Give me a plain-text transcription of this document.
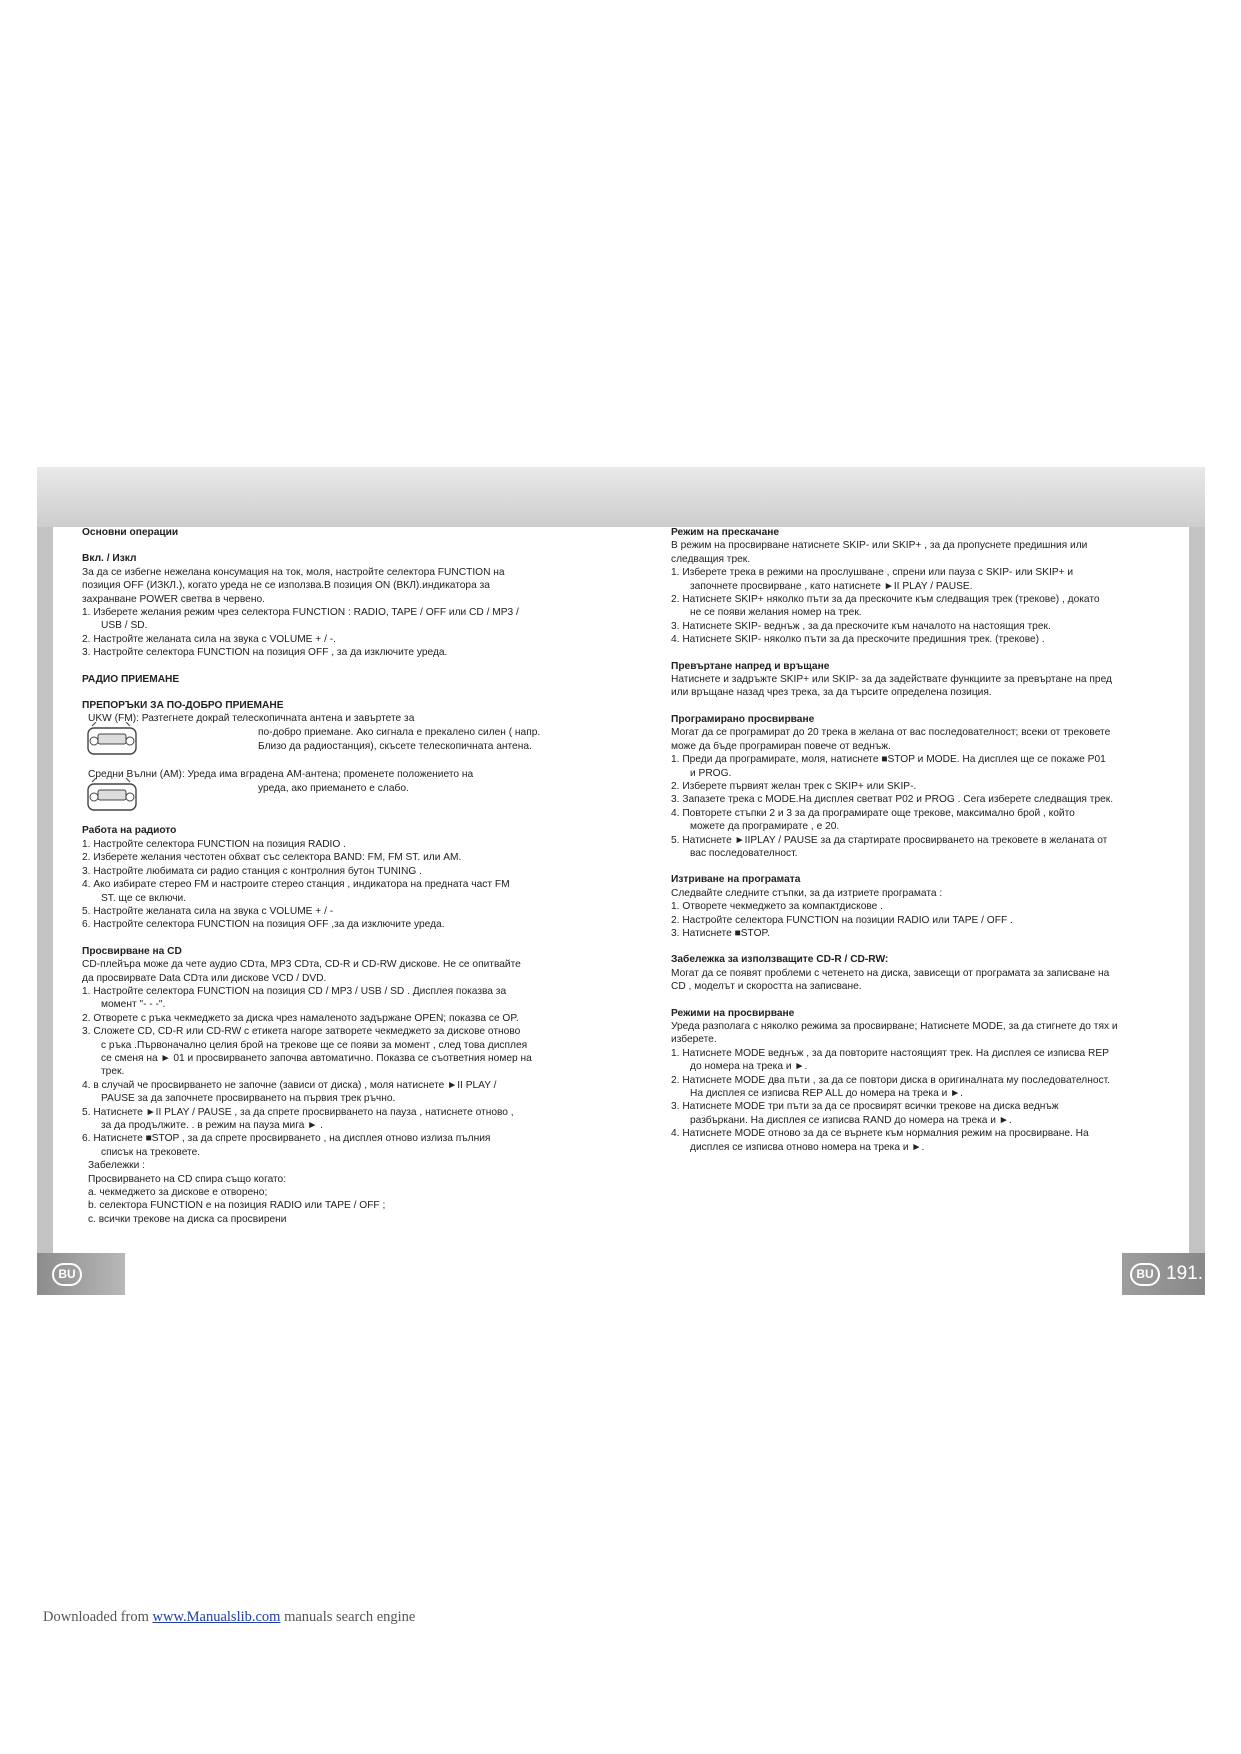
Основни операции
Вкл. / Изкл
За да се избегне нежелана консумация на ток, моля, настройте селектора FUNCTION на
позиция OFF (ИЗКЛ.), когато уреда не се използва.В позиция ON (ВКЛ).индикатора за
захранване POWER светва в червено.
1. Изберете желания режим чрез селектора FUNCTION : RADIO, TAPE / OFF или CD / MP3 /
USB / SD.
2. Настройте желаната сила на звука с VOLUME + / -.
3. Настройте селектора FUNCTION на позиция OFF , за да изключите уреда.
РАДИО ПРИЕМАНЕ
ПРЕПОРЪКИ ЗА ПО-ДОБРО ПРИЕМАНЕ
UKW (FM): Разтегнете докрай телескопичната антена и завъртете за
по-добро приемане. Ако сигнала е прекалено силен ( напр.
Близо да радиостанция), скъсете телескопичната антена.
Средни Вълни (АМ): Уреда има вградена АМ-антена; променете положението на
уреда, ако приемането е слабо.
Работа на радиото
1. Настройте селектора FUNCTION на позиция RADIO .
2. Изберете желания честотен обхват със селектора BAND: FM, FM ST. или AM.
3. Настройте любимата си радио станция с контролния бутон TUNING .
4. Ако избирате стерео FM и настроите стерео станция , индикатора на предната част FM
ST. ще се включи.
5. Настройте желаната сила на звука с VOLUME + / -
6. Настройте селектора FUNCTION на позиция OFF ,за да изключите уреда.
Просвирване на CD
CD-плейъра може да чете аудио CDта, MP3 CDта, CD-R и CD-RW дискове. Не се опитвайте
да просвирвате Data CDта или дискове VCD / DVD.
1. Настройте селектора FUNCTION на позиция CD / MP3 / USB / SD . Дисплея показва за
момент "- - -".
2. Отворете с ръка чекмеджето за диска чрез намаленото задържане OPEN; показва се OP.
3. Сложете CD, CD-R или CD-RW с етикета нагоре затворете чекмеджето за дискове отново
с ръка .Първоначално целия брой на трекове ще се появи за момент , след това дисплея
се сменя на ► 01 и просвирването започва автоматично. Показва се съответния номер на
трек.
4. в случай че просвирването не започне (зависи от диска) , моля натиснете ►II PLAY /
PAUSE за да започнете просвирването на първия трек ръчно.
5. Натиснете ►II PLAY / PAUSE , за да спрете просвирването на пауза , натиснете отново ,
за да продължите. . в режим на пауза мига ► .
6. Натиснете ■STOP , за да спрете просвирването , на дисплея отново излиза пълния
списък на трековете.
Забележки :
Просвирването на CD спира също когато:
a. чекмеджето за дискове е отворено;
b. селектора FUNCTION е на позиция RADIO или TAPE / OFF ;
c. всички трекове на диска са просвирени
Режим на прескачане
В режим на просвирване натиснете SKIP- или SKIP+ , за да пропуснете предишния или
следващия трек.
1. Изберете трека в режими на прослушване , спрени или пауза с SKIP- или SKIP+ и
започнете просвирване , като натиснете ►II PLAY / PAUSE.
2. Натиснете SKIP+ няколко пъти за да прескочите към следващия трек (трекове) , докато
не се появи желания номер на трек.
3. Натиснете SKIP- веднъж , за да прескочите към началото на настоящия трек.
4. Натиснете SKIP- няколко пъти за да прескочите предишния трек. (трекове) .
Превъртане напред и връщане
Натиснете и задръжте SKIP+ или SKIP- за да задействате функциите за превъртане на пред
или връщане назад чрез трека, за да търсите определена позиция.
Програмирано просвирване
Могат да се програмират до 20 трека в желана от вас последователност; всеки от трековете
може да бъде програмиран повече от веднъж.
1. Преди да програмирате, моля, натиснете ■STOP и MODE. На дисплея ще се покаже P01
и PROG.
2. Изберете първият желан трек с SKIP+ или SKIP-.
3. Запазете трека с MODE.На дисплея светват P02 и PROG . Сега изберете следващия трек.
4. Повторете стъпки 2 и 3 за да програмирате още трекове, максимално брой , който
можете да програмирате , е 20.
5. Натиснете ►IIPLAY / PAUSE за да стартирате просвирването на трековете в желаната от
вас последователност.
Изтриване на програмата
Следвайте следните стъпки, за да изтриете програмата :
1. Отворете чекмеджето за компактдискове .
2. Настройте селектора FUNCTION на позиции RADIO или TAPE / OFF .
3. Натиснете ■STOP.
Забележка за използващите CD-R / CD-RW:
Могат да се появят проблеми с четенето на диска, зависещи от програмата за записване на
CD , моделът и скоростта на записване.
Режими на просвирване
Уреда разполага с няколко режима за просвирване; Натиснете MODE, за да стигнете до тях и
изберете.
1. Натиснете MODE веднъж , за да повторите настоящият трек. На дисплея се изписва REP
до номера на трека и ►.
2. Натиснете MODE два пъти , за да се повтори диска в оригиналната му последователност.
На дисплея се изписва REP ALL до номера на трека и ►.
3. Натиснете MODE три пъти за да се просвирят всички трекове на диска веднъж
разбъркани. На дисплея се изписва RAND до номера на трека и ►.
4. Натиснете MODE отново за да се върнете към нормалния режим на просвирване. На
дисплея се изписва отново номера на трека и ►.
BU	BU 191.
Downloaded from www.Manualslib.com manuals search engine
